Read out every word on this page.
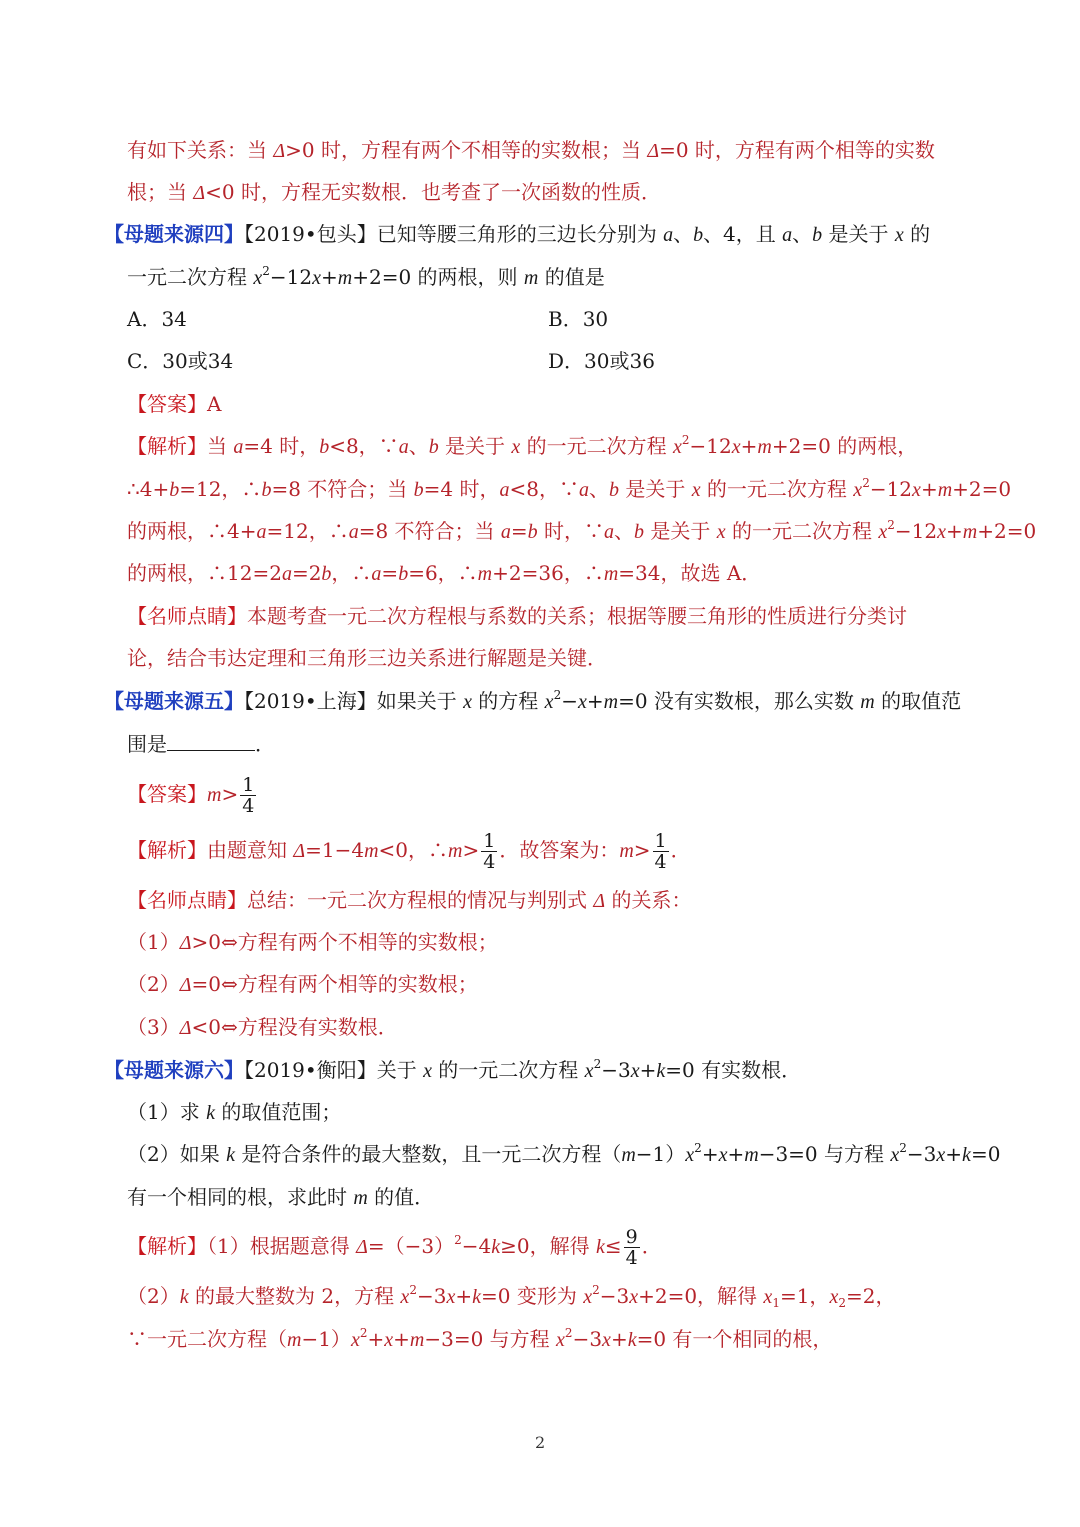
有如下关系：当 Δ>0 时，方程有两个不相等的实数根；当 Δ=0 时，方程有两个相等的实数
根；当 Δ<0 时，方程无实数根．也考查了一次函数的性质．
【母题来源四】【2019•包头】已知等腰三角形的三边长分别为 a、b、4，且 a、b 是关于 x 的
一元二次方程 $x^2-12x+m+2=0$ 的两根，则 m 的值是
A．34	B．30
C．30或34	D．30或36
【答案】A
【解析】当 a=4 时，b<8，∵a、b 是关于 x 的一元二次方程 $x^2-12x+m+2=0$ 的两根，
∴4+b=12，∴b=8 不符合；当 b=4 时，a<8，∵a、b 是关于 x 的一元二次方程 $x^2-12x+m+2=0$
的两根，∴4+a=12，∴a=8 不符合；当 a=b 时，∵a、b 是关于 x 的一元二次方程 $x^2-12x+m+2=0$
的两根，∴12=2a=2b，∴a=b=6，∴m+2=36，∴m=34，故选 A．
【名师点睛】本题考查一元二次方程根与系数的关系；根据等腰三角形的性质进行分类讨
论，结合韦达定理和三角形三边关系进行解题是关键．
【母题来源五】【2019•上海】如果关于 x 的方程 $x^2-x+m=0$ 没有实数根，那么实数 m 的取值范
围是	．
【答案】$m> \frac{1}{4}$
【解析】由题意知 Δ=1−4m<0，∴m> $\frac{1}{4}$ ．故答案为：$m> \frac{1}{4}$ ．
【名师点睛】总结：一元二次方程根的情况与判别式 Δ 的关系：
（1）Δ>0⇔方程有两个不相等的实数根；
（2）Δ=0⇔方程有两个相等的实数根；
（3）Δ<0⇔方程没有实数根．
【母题来源六】【2019•衡阳】关于 x 的一元二次方程 $x^2-3x+k=0$ 有实数根．
（1）求 k 的取值范围；
（2）如果 k 是符合条件的最大整数，且一元二次方程$(m-1)x^2+x+m-3=0$ 与方程 $x^2-3x+k=0$
有一个相同的根，求此时 m 的值．
【解析】（1）根据题意得 $\Delta=(-3)^2-4k\ge 0$，解得 $k\le \frac{9}{4}$ ．
（2）k 的最大整数为 2，方程 $x^2-3x+k=0$ 变形为 $x^2-3x+2=0$，解得 $x_1=1$，$x_2=2$，
∵一元二次方程$(m-1)x^2+x+m-3=0$ 与方程 $x^2-3x+k=0$ 有一个相同的根，
2
